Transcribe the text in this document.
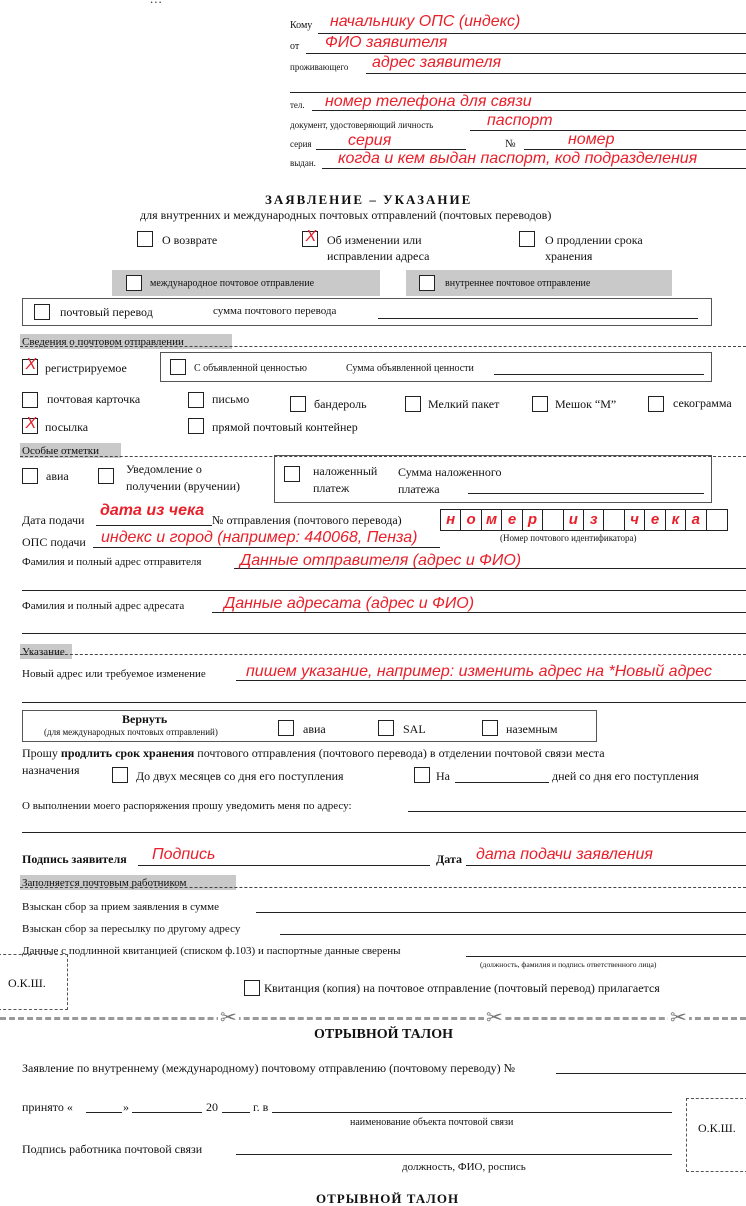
Кому начальнику ОПС (индекс)
от ФИО заявителя
проживающего адрес заявителя
тел. номер телефона для связи
документ, удостоверяющий личность	паспорт
серия серия	№	номер
выдан. когда и кем выдан паспорт, код подразделения
ЗАЯВЛЕНИЕ – УКАЗАНИЕ
для внутренних и международных почтовых отправлений (почтовых переводов)
О возврате	X Об изменении или
исправлении адреса
О продлении срока
хранения
международное почтовое отправление	внутреннее почтовое отправление
почтовый перевод	сумма почтового перевода
Сведения о почтовом отправлении
X регистрируемое	С объявленной ценностью	Сумма объявленной ценности
почтовая карточка	письмо	бандероль	Мелкий пакет	Мешок “М”	секограмма
X посылка	прямой почтовый контейнер
Особые отметки
авиа	Уведомление о
получении (вручении)
наложенный
платеж
Сумма наложенного
платежа
Дата подачи
дата из чека
№ отправления (почтового перевода)	н о м е р	и з	ч е к а
(Номер почтового идентификатора)
ОПС подачи индекс и город (например: 440068, Пенза)
Фамилия и полный адрес отправителя Данные отправителя (адрес и ФИО)
Фамилия и полный адрес адресата Данные адресата (адрес и ФИО)
Указание
Новый адрес или требуемое изменение	пишем указание, например: изменить адрес на *Новый адрес
Вернуть
(для международных почтовых отправлений)	авиа	SAL	наземным
Прошу продлить срок хранения почтового отправления (почтового перевода) в отделении почтовой связи места
назначения	До двух месяцев со дня его поступления	На	дней со дня его поступления
О выполнении моего распоряжения прошу уведомить меня по адресу:
Подпись заявителя Подпись	Дата дата подачи заявления
Заполняется почтовым работником
Взыскан сбор за прием заявления в сумме
Взыскан сбор за пересылку по другому адресу
Данные с подлинной квитанцией (списком ф.103) и паспортные данные сверены
(должность, фамилия и подпись ответственного лица)
О.К.Ш.	Квитанция (копия) на почтовое отправление (почтовый перевод) прилагается
✂	✂	✂
ОТРЫВНОЙ ТАЛОН
Заявление по внутреннему (международному) почтовому отправлению (почтовому переводу) №
принято «	»	20	г. в
наименование объекта почтовой связи	О.К.Ш.
Подпись работника почтовой связи
должность, ФИО, роспись
ОТРЫВНОЙ ТАЛОН
